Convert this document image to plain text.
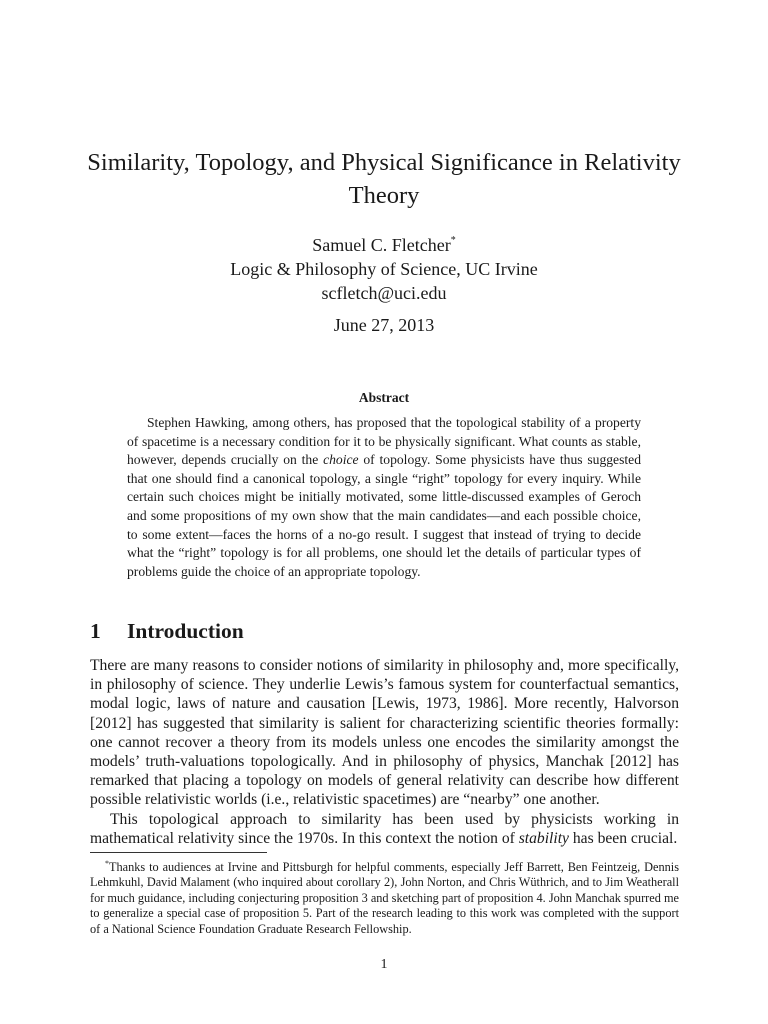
Similarity, Topology, and Physical Significance in Relativity Theory
Samuel C. Fletcher*
Logic & Philosophy of Science, UC Irvine
scfletch@uci.edu
June 27, 2013
Abstract
Stephen Hawking, among others, has proposed that the topological stability of a property of spacetime is a necessary condition for it to be physically significant. What counts as stable, however, depends crucially on the choice of topology. Some physicists have thus suggested that one should find a canonical topology, a single “right” topology for every inquiry. While certain such choices might be initially motivated, some little-discussed examples of Geroch and some propositions of my own show that the main candidates—and each possible choice, to some extent—faces the horns of a no-go result. I suggest that instead of trying to decide what the “right” topology is for all problems, one should let the details of particular types of problems guide the choice of an appropriate topology.
1 Introduction

There are many reasons to consider notions of similarity in philosophy and, more specifically, in philosophy of science. They underlie Lewis’s famous system for counterfactual semantics, modal logic, laws of nature and causation [Lewis, 1973, 1986]. More recently, Halvorson [2012] has suggested that similarity is salient for characterizing scientific theories formally: one cannot recover a theory from its models unless one encodes the similarity amongst the models’ truth-valuations topologically. And in philosophy of physics, Manchak [2012] has remarked that placing a topology on models of general relativity can describe how different possible relativistic worlds (i.e., relativistic spacetimes) are “nearby” one another.

This topological approach to similarity has been used by physicists working in mathematical relativity since the 1970s. In this context the notion of stability has been crucial.

*Thanks to audiences at Irvine and Pittsburgh for helpful comments, especially Jeff Barrett, Ben Feintzeig, Dennis Lehmkuhl, David Malament (who inquired about corollary 2), John Norton, and Chris Wüthrich, and to Jim Weatherall for much guidance, including conjecturing proposition 3 and sketching part of proposition 4. John Manchak spurred me to generalize a special case of proposition 5. Part of the research leading to this work was completed with the support of a National Science Foundation Graduate Research Fellowship.
1
